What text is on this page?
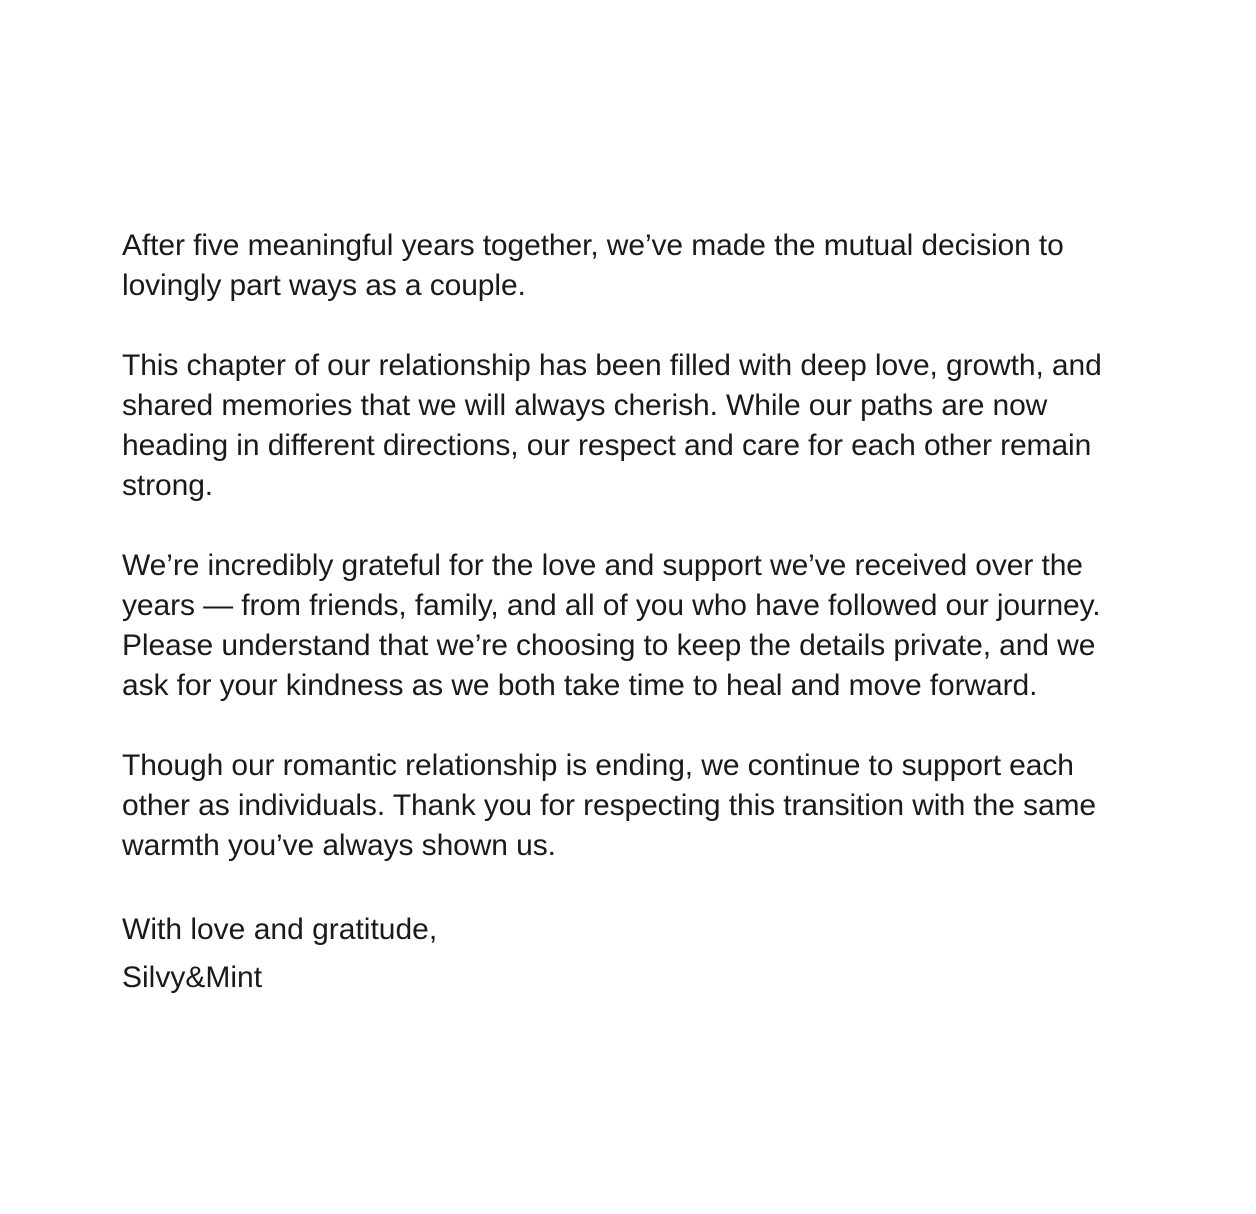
After five meaningful years together, we’ve made the mutual decision to
lovingly part ways as a couple.

This chapter of our relationship has been filled with deep love, growth, and
shared memories that we will always cherish. While our paths are now
heading in different directions, our respect and care for each other remain
strong.

We’re incredibly grateful for the love and support we’ve received over the
years — from friends, family, and all of you who have followed our journey.
Please understand that we’re choosing to keep the details private, and we
ask for your kindness as we both take time to heal and move forward.

Though our romantic relationship is ending, we continue to support each
other as individuals. Thank you for respecting this transition with the same
warmth you’ve always shown us.

With love and gratitude,

Silvy&Mint
